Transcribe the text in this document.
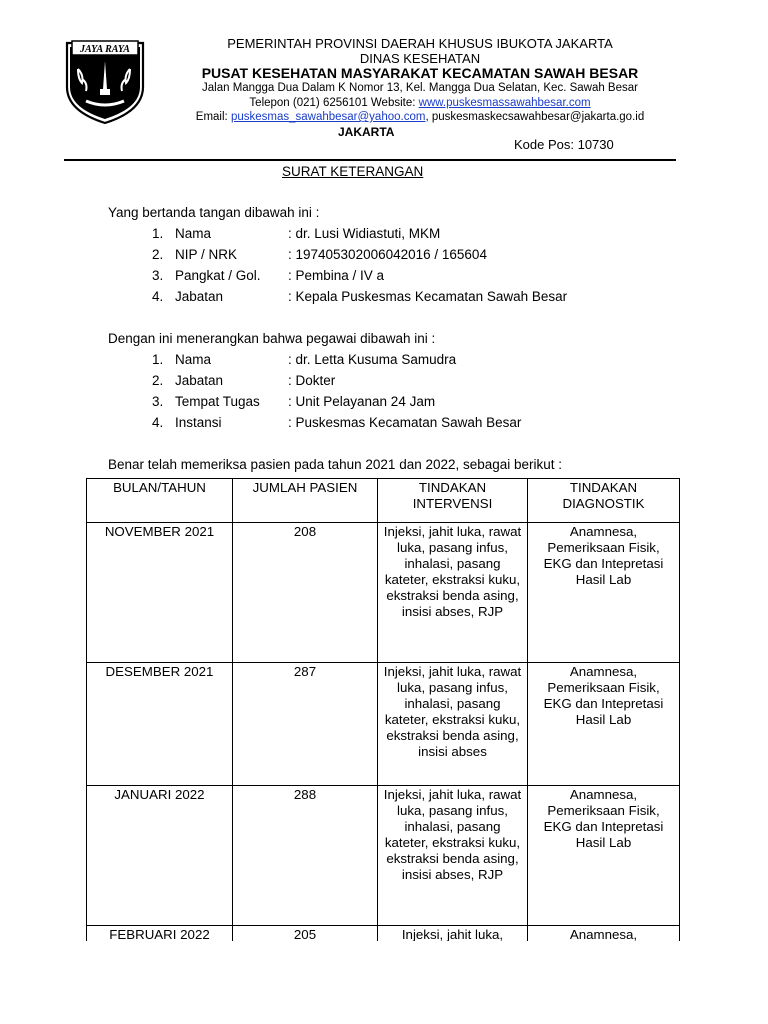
JAYA RAYA	PEMERINTAH PROVINSI DAERAH KHUSUS IBUKOTA JAKARTA
DINAS KESEHATAN
PUSAT KESEHATAN MASYARAKAT KECAMATAN SAWAH BESAR
Jalan Mangga Dua Dalam K Nomor 13, Kel. Mangga Dua Selatan, Kec. Sawah Besar
Telepon (021) 6256101 Website: www.puskesmassawahbesar.com
Email: puskesmas_sawahbesar@yahoo.com, puskesmaskecsawahbesar@jakarta.go.id
JAKARTA
Kode Pos: 10730
SURAT KETERANGAN
Yang bertanda tangan dibawah ini :
1. Nama	: dr. Lusi Widiastuti, MKM
2. NIP / NRK	: 197405302006042016 / 165604
3. Pangkat / Gol. : Pembina / IV a
4. Jabatan	: Kepala Puskesmas Kecamatan Sawah Besar
Dengan ini menerangkan bahwa pegawai dibawah ini :
1. Nama	: dr. Letta Kusuma Samudra
2. Jabatan	: Dokter
3. Tempat Tugas : Unit Pelayanan 24 Jam
4. Instansi	: Puskesmas Kecamatan Sawah Besar
Benar telah memeriksa pasien pada tahun 2021 dan 2022, sebagai berikut :
BULAN/TAHUN	JUMLAH PASIEN	TINDAKAN INTERVENSI	TINDAKAN DIAGNOSTIK
NOVEMBER 2021	208	Injeksi, jahit luka, rawat luka, pasang infus, inhalasi, pasang kateter, ekstraksi kuku, ekstraksi benda asing, insisi abses, RJP	Anamnesa, Pemeriksaan Fisik, EKG dan Intepretasi Hasil Lab
DESEMBER 2021	287	Injeksi, jahit luka, rawat luka, pasang infus, inhalasi, pasang kateter, ekstraksi kuku, ekstraksi benda asing, insisi abses	Anamnesa, Pemeriksaan Fisik, EKG dan Intepretasi Hasil Lab
JANUARI 2022	288	Injeksi, jahit luka, rawat luka, pasang infus, inhalasi, pasang kateter, ekstraksi kuku, ekstraksi benda asing, insisi abses, RJP	Anamnesa, Pemeriksaan Fisik, EKG dan Intepretasi Hasil Lab
FEBRUARI 2022	205	Injeksi, jahit luka,	Anamnesa,
